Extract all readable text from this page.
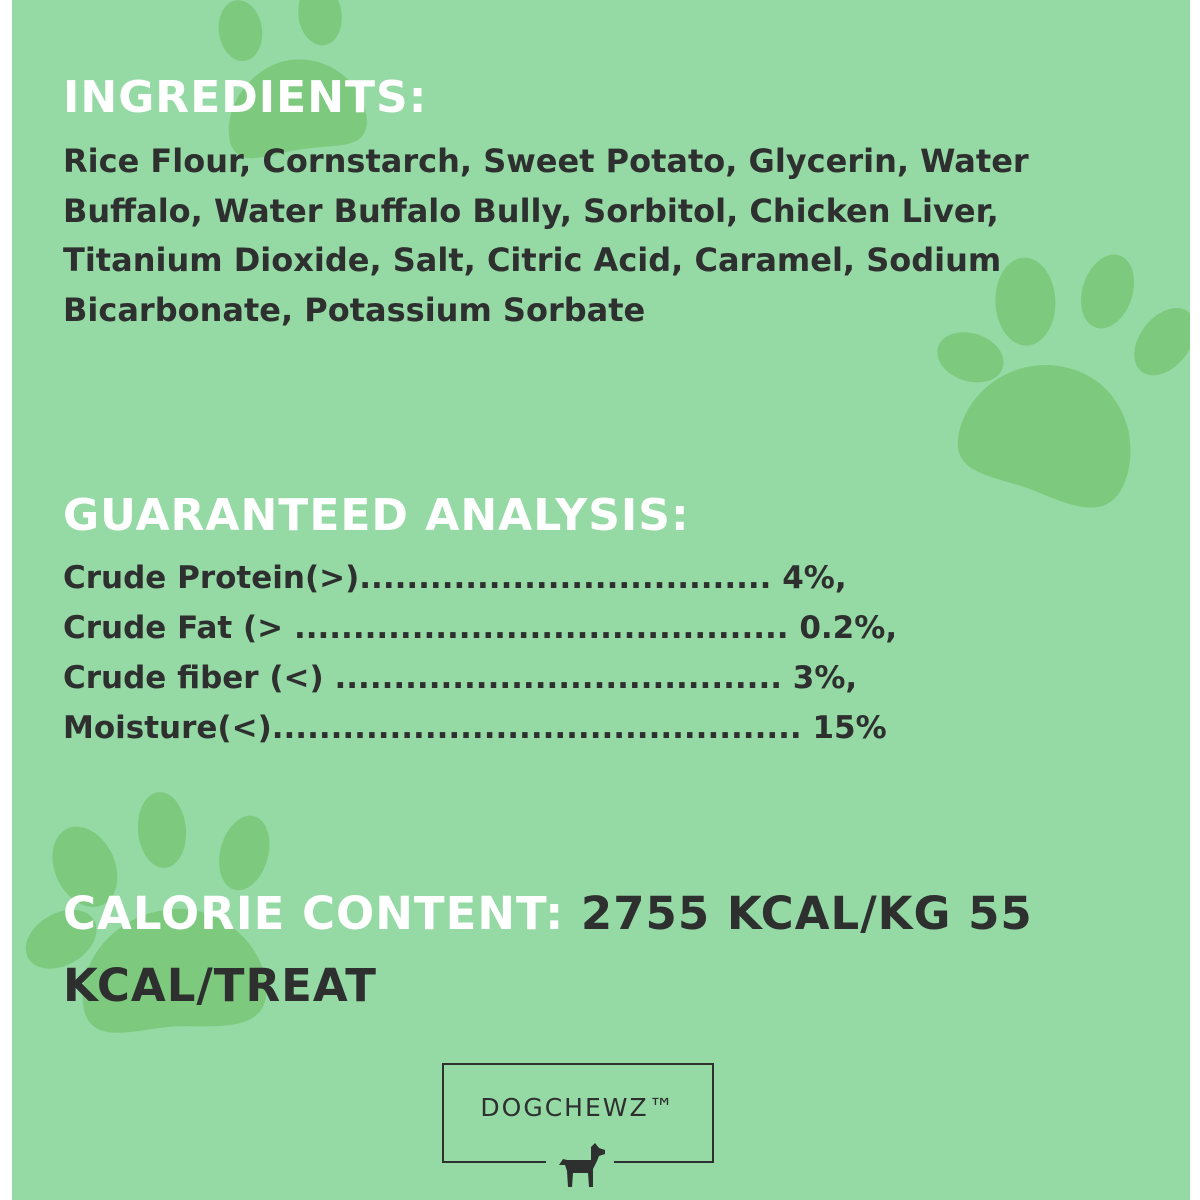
INGREDIENTS:

Rice Flour, Cornstarch, Sweet Potato, Glycerin, Water Buffalo, Water Buffalo Bully, Sorbitol, Chicken Liver, Titanium Dioxide, Salt, Citric Acid, Caramel, Sodium Bicarbonate, Potassium Sorbate

GUARANTEED ANALYSIS:
Crude Protein(>)................................... 4%,
Crude Fat (> .......................................... 0.2%,
Crude fiber (<) ...................................... 3%,
Moisture(<)............................................. 15%

CALORIE CONTENT: 2755 KCAL/KG 55 KCAL/TREAT

DOGCHEWZ™
